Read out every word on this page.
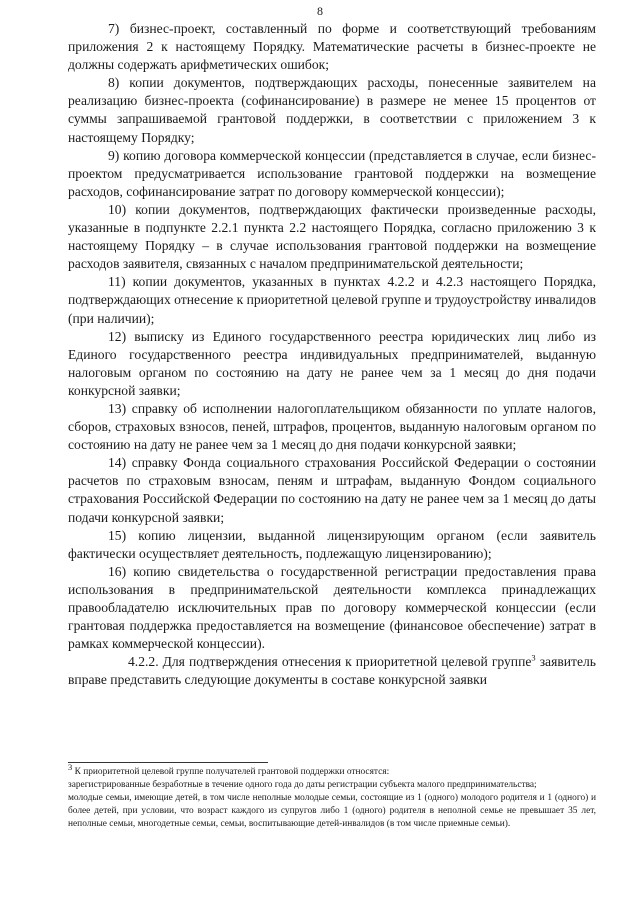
8

7) бизнес-проект, составленный по форме и соответствующий требованиям приложения 2 к настоящему Порядку. Математические расчеты в бизнес-проекте не должны содержать арифметических ошибок;

8) копии документов, подтверждающих расходы, понесенные заявителем на реализацию бизнес-проекта (софинансирование) в размере не менее 15 процентов от суммы запрашиваемой грантовой поддержки, в соответствии с приложением 3 к настоящему Порядку;

9) копию договора коммерческой концессии (представляется в случае, если бизнес-проектом предусматривается использование грантовой поддержки на возмещение расходов, софинансирование затрат по договору коммерческой концессии);

10) копии документов, подтверждающих фактически произведенные расходы, указанные в подпункте 2.2.1 пункта 2.2 настоящего Порядка, согласно приложению 3 к настоящему Порядку – в случае использования грантовой поддержки на возмещение расходов заявителя, связанных с началом предпринимательской деятельности;

11) копии документов, указанных в пунктах 4.2.2 и 4.2.3 настоящего Порядка, подтверждающих отнесение к приоритетной целевой группе и трудоустройству инвалидов (при наличии);

12) выписку из Единого государственного реестра юридических лиц либо из Единого государственного реестра индивидуальных предпринимателей, выданную налоговым органом по состоянию на дату не ранее чем за 1 месяц до дня подачи конкурсной заявки;

13) справку об исполнении налогоплательщиком обязанности по уплате налогов, сборов, страховых взносов, пеней, штрафов, процентов, выданную налоговым органом по состоянию на дату не ранее чем за 1 месяц до дня подачи конкурсной заявки;

14) справку Фонда социального страхования Российской Федерации о состоянии расчетов по страховым взносам, пеням и штрафам, выданную Фондом социального страхования Российской Федерации по состоянию на дату не ранее чем за 1 месяц до даты подачи конкурсной заявки;

15) копию лицензии, выданной лицензирующим органом (если заявитель фактически осуществляет деятельность, подлежащую лицензированию);

16) копию свидетельства о государственной регистрации предоставления права использования в предпринимательской деятельности комплекса принадлежащих правообладателю исключительных прав по договору коммерческой концессии (если грантовая поддержка предоставляется на возмещение (финансовое обеспечение) затрат в рамках коммерческой концессии).

4.2.2. Для подтверждения отнесения к приоритетной целевой группе$^3$ заявитель вправе представить следующие документы в составе конкурсной заявки

$^3$ К приоритетной целевой группе получателей грантовой поддержки относятся:

зарегистрированные безработные в течение одного года до даты регистрации субъекта малого предпринимательства;

молодые семьи, имеющие детей, в том числе неполные молодые семьи, состоящие из 1 (одного) молодого родителя и 1 (одного) и более детей, при условии, что возраст каждого из супругов либо 1 (одного) родителя в неполной семье не превышает 35 лет, неполные семьи, многодетные семьи, семьи, воспитывающие детей-инвалидов (в том числе приемные семьи).
